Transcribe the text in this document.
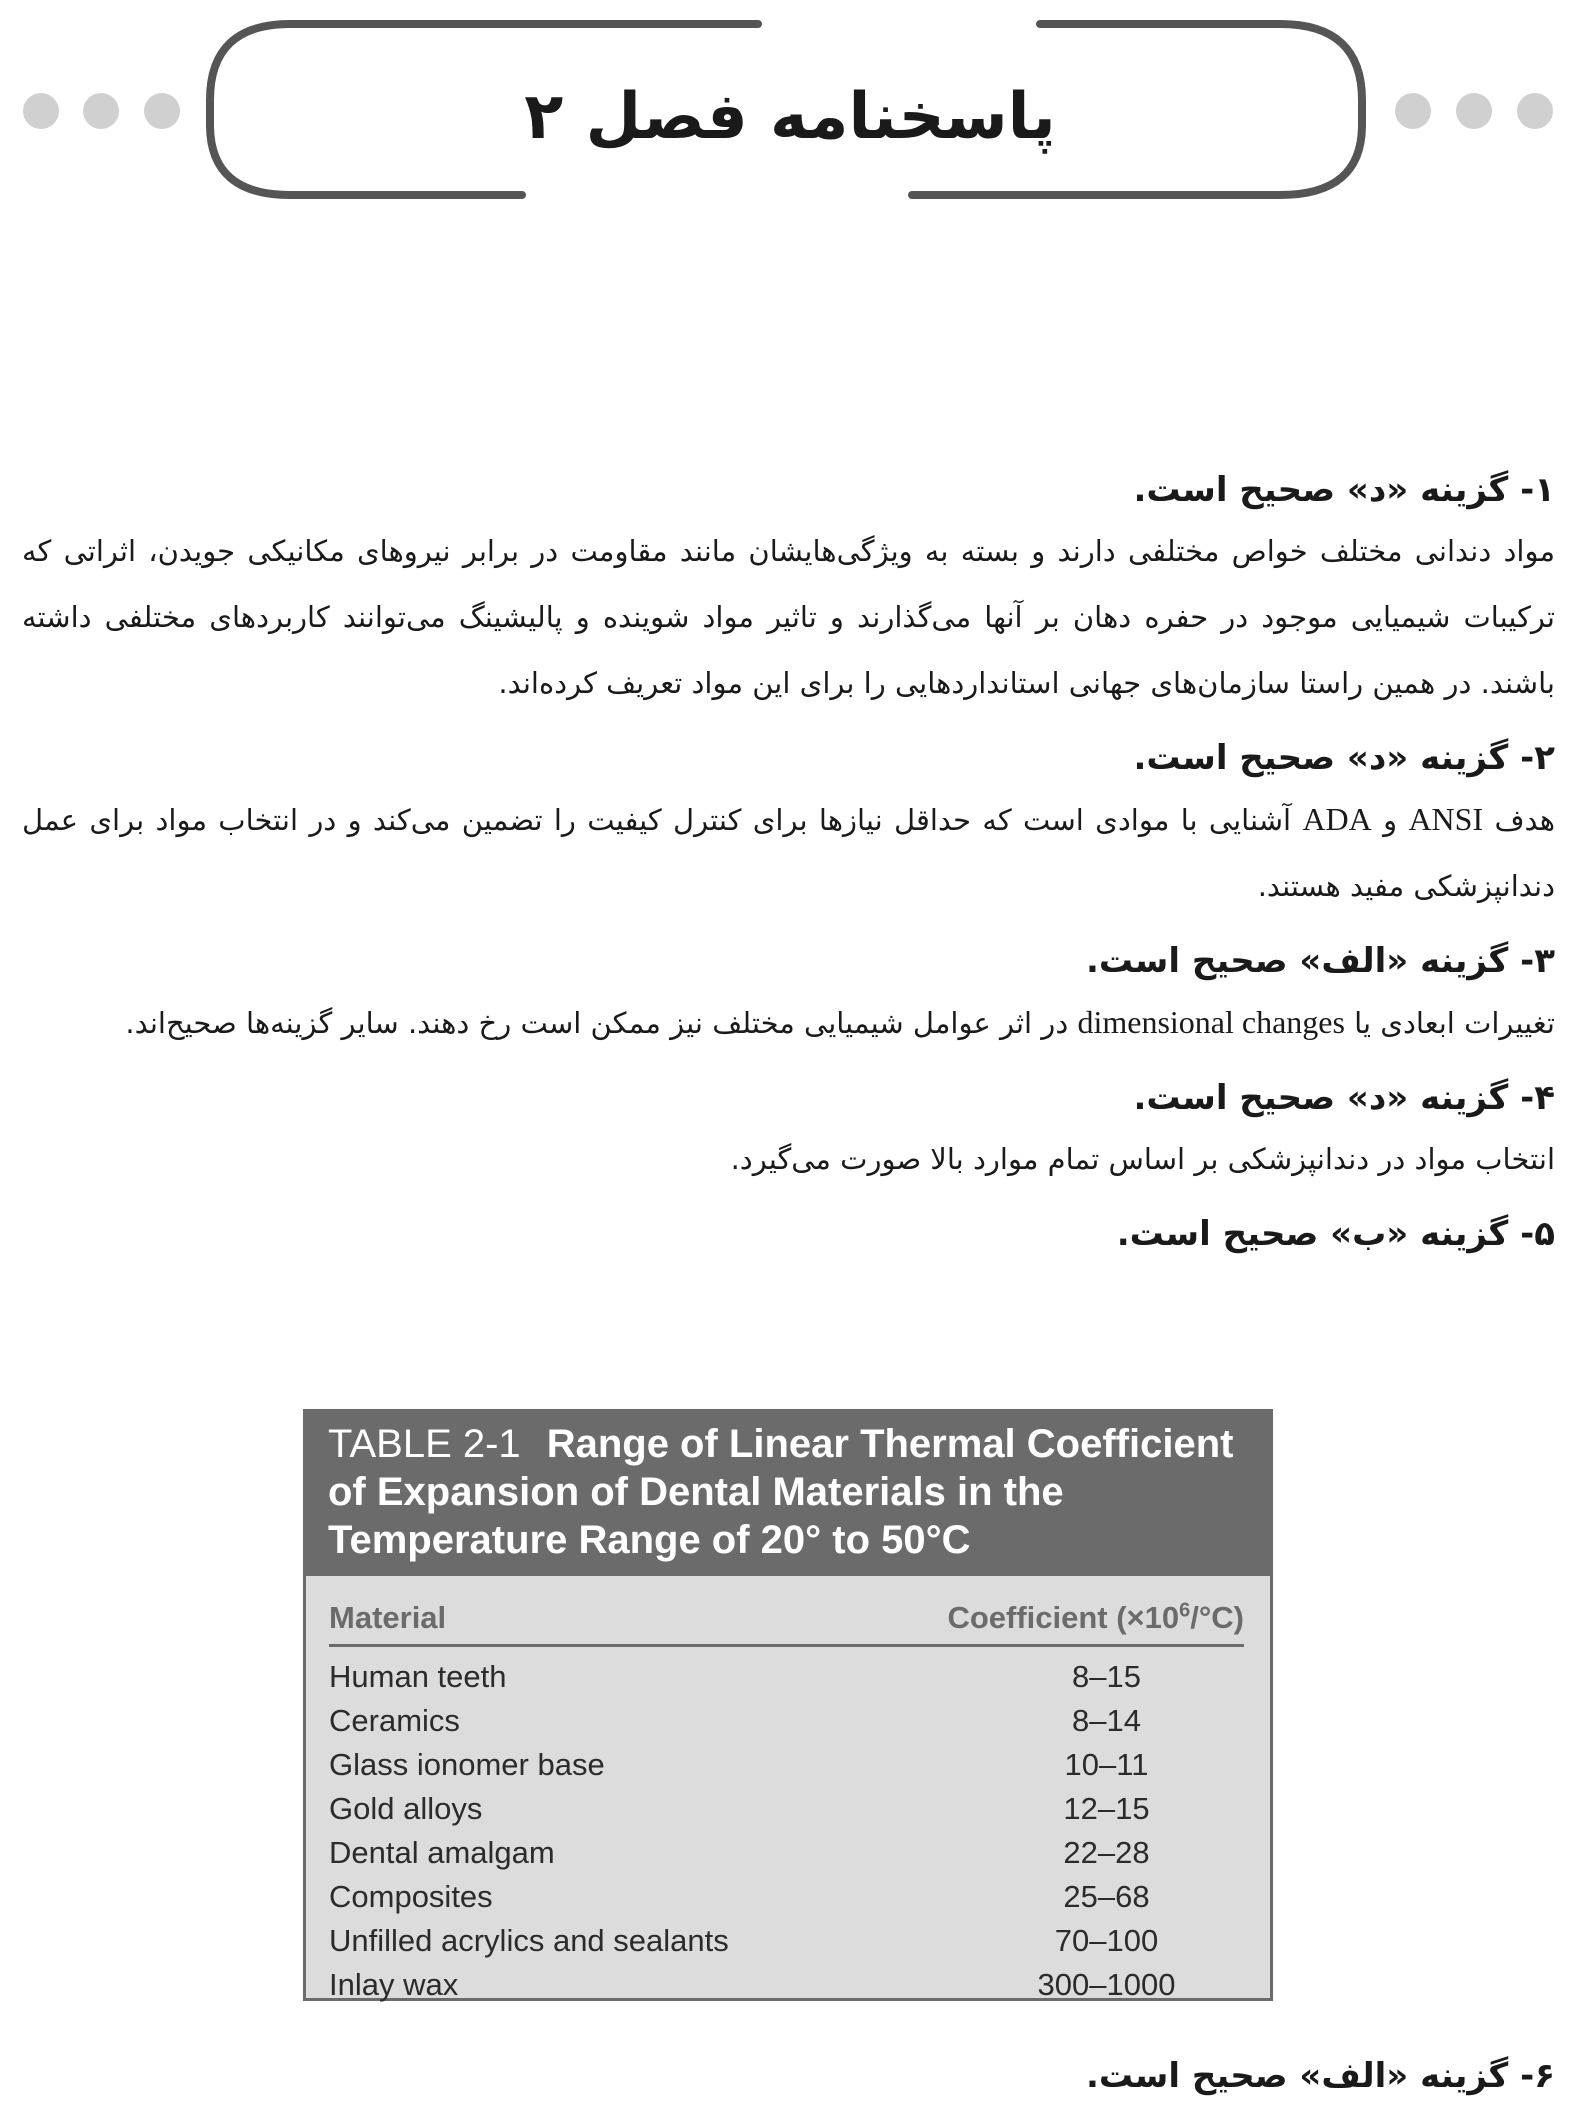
پاسخنامه فصل ۲
۱- گزینه «د» صحیح است.
مواد دندانی مختلف خواص مختلفی دارند و بسته به ویژگی‌هایشان مانند مقاومت در برابر نیروهای مکانیکی جویدن، اثراتی که ترکیبات شیمیایی موجود در حفره دهان بر آنها می‌گذارند و تاثیر مواد شوینده و پالیشینگ می‌توانند کاربردهای مختلفی داشته باشند. در همین راستا سازمان‌های جهانی استانداردهایی را برای این مواد تعریف کرده‌اند.
۲- گزینه «د» صحیح است.
هدف ANSI و ADA آشنایی با موادی است که حداقل نیازها برای کنترل کیفیت را تضمین می‌کند و در انتخاب مواد برای عمل دندانپزشکی مفید هستند.
۳- گزینه «الف» صحیح است.
تغییرات ابعادی یا dimensional changes در اثر عوامل شیمیایی مختلف نیز ممکن است رخ دهند. سایر گزینه‌ها صحیح‌اند.
۴- گزینه «د» صحیح است.
انتخاب مواد در دندانپزشکی بر اساس تمام موارد بالا صورت می‌گیرد.
۵- گزینه «ب» صحیح است.
TABLE 2-1 Range of Linear Thermal Coefficient of Expansion of Dental Materials in the Temperature Range of 20° to 50°C
Material	Coefficient $(\times 10^6/^\circ C)$
Human teeth	8–15
Ceramics	8–14
Glass ionomer base	10–11
Gold alloys	12–15
Dental amalgam	22–28
Composites	25–68
Unfilled acrylics and sealants	70–100
Inlay wax	300–1000
۶- گزینه «الف» صحیح است.
